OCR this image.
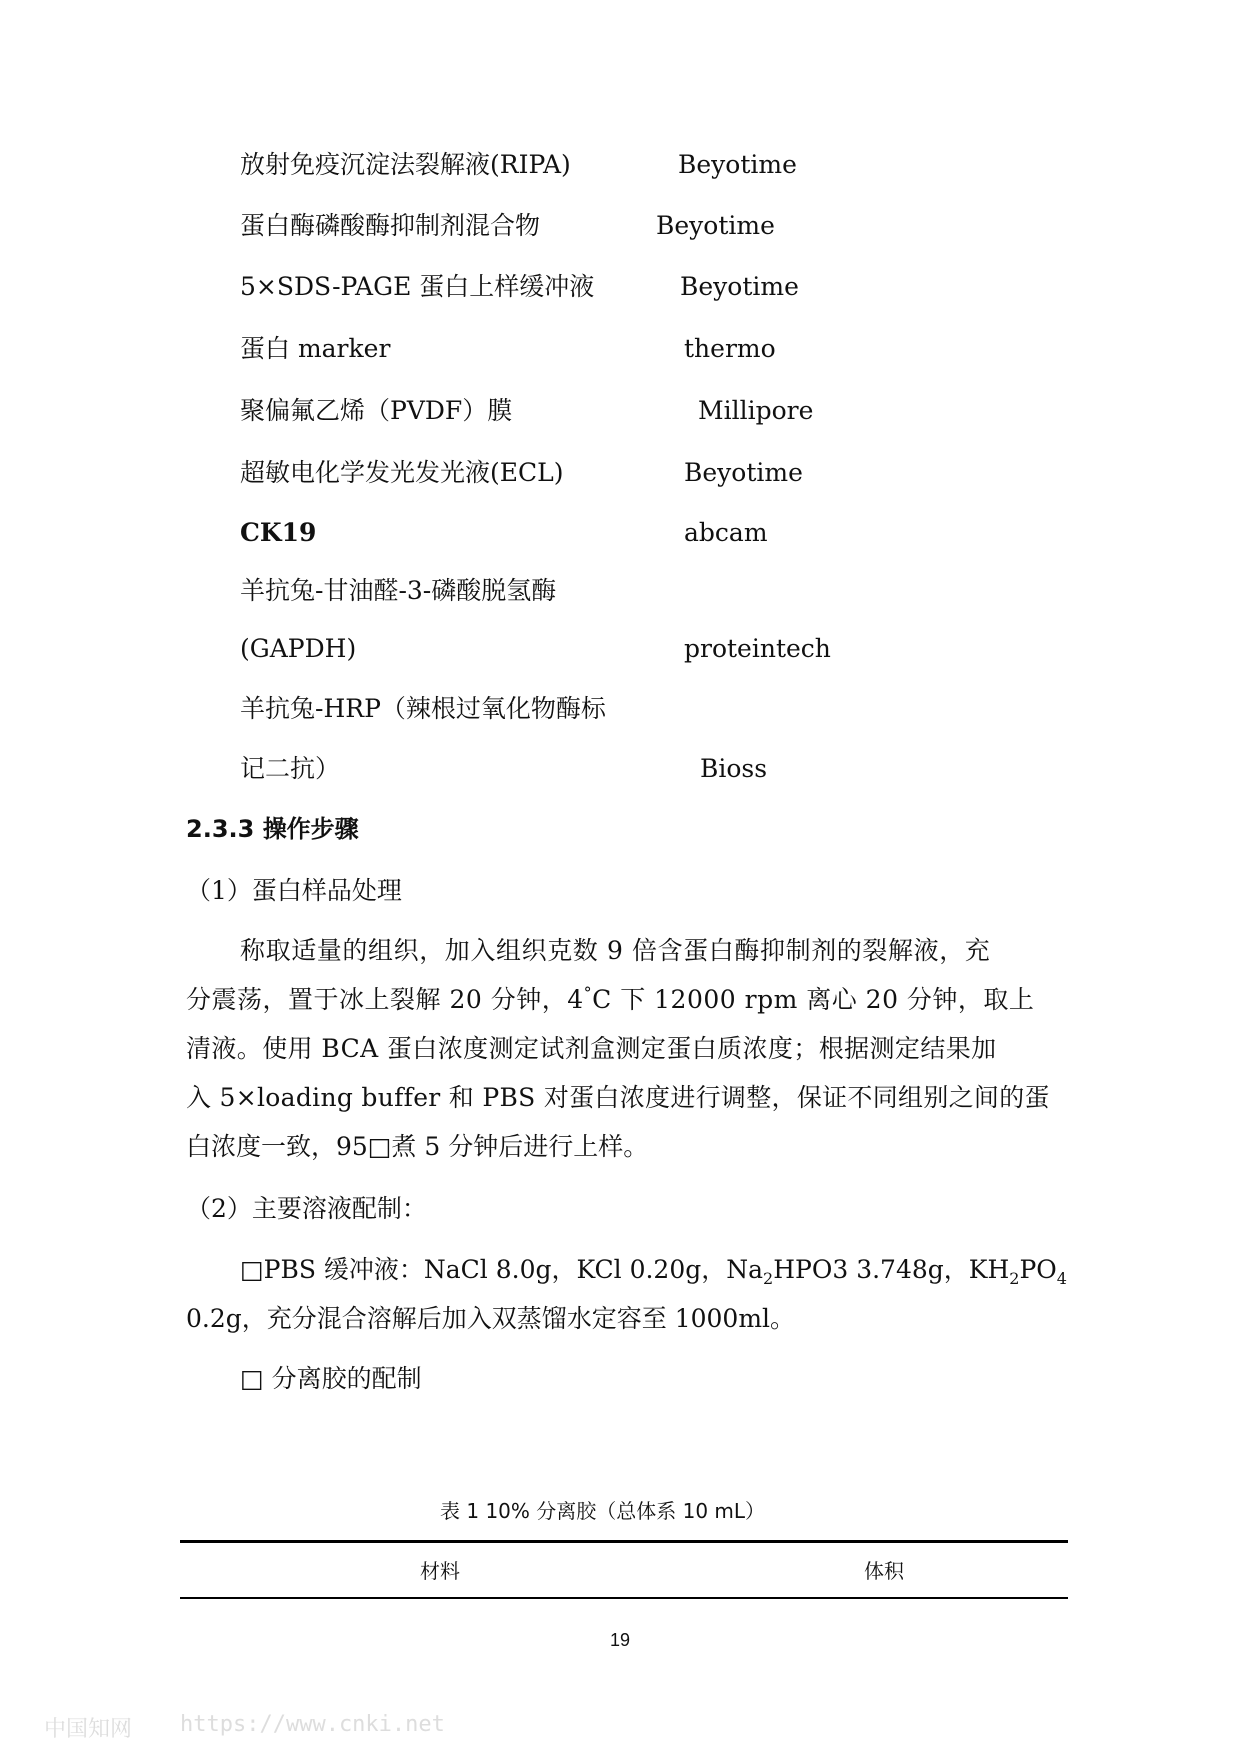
放射免疫沉淀法裂解液(RIPA)	Beyotime
蛋白酶磷酸酶抑制剂混合物	Beyotime
5×SDS-PAGE 蛋白上样缓冲液	Beyotime
蛋白 marker	thermo
聚偏氟乙烯（PVDF）膜	Millipore
超敏电化学发光发光液(ECL)	Beyotime
CK19	abcam
羊抗兔-甘油醛-3-磷酸脱氢酶
(GAPDH)	proteintech
羊抗兔-HRP（辣根过氧化物酶标
记二抗）	Bioss
2.3.3 操作步骤
（1）蛋白样品处理
称取适量的组织，加入组织克数 9 倍含蛋白酶抑制剂的裂解液，充
分震荡，置于冰上裂解 20 分钟，4°C 下 12000 rpm 离心 20 分钟，取上
清液。使用 BCA 蛋白浓度测定试剂盒测定蛋白质浓度；根据测定结果加
入 5×loading buffer 和 PBS 对蛋白浓度进行调整，保证不同组别之间的蛋
白浓度一致，95□煮 5 分钟后进行上样。
（2）主要溶液配制：
□PBS 缓冲液：NaCl 8.0g，KCl 0.20g，$Na_2HPO3$ 3.748g，$KH_2PO_4$
0.2g，充分混合溶解后加入双蒸馏水定容至 1000ml。
□ 分离胶的配制
表 1 10% 分离胶（总体系 10 mL）
材料	体积
19
中国知网 https://www.cnki.net
